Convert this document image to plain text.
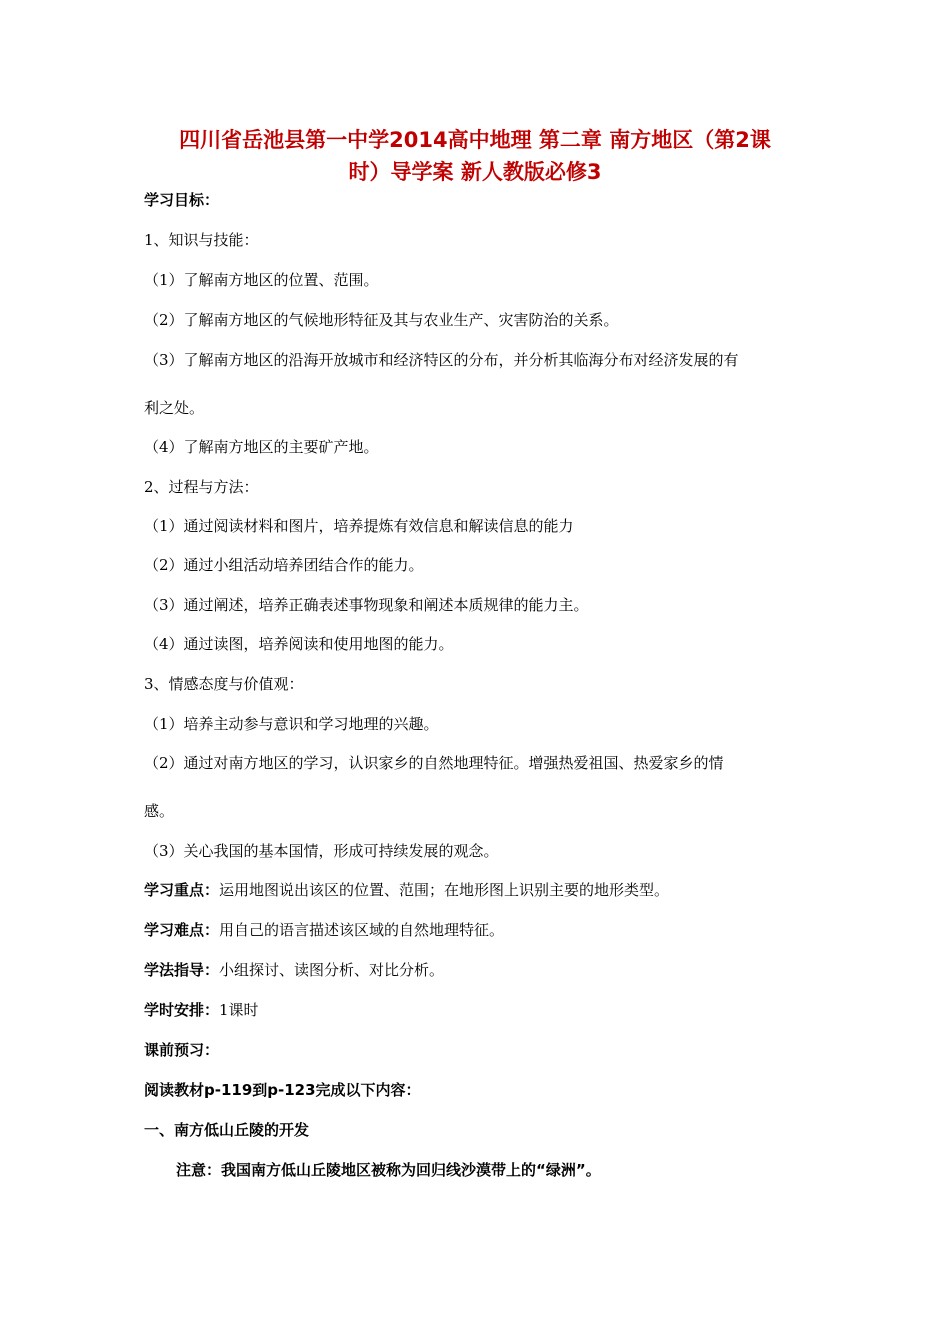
四川省岳池县第一中学2014高中地理 第二章 南方地区（第2课
时）导学案 新人教版必修3
学习目标：
1、知识与技能：
（1）了解南方地区的位置、范围。
（2）了解南方地区的气候地形特征及其与农业生产、灾害防治的关系。
（3）了解南方地区的沿海开放城市和经济特区的分布，并分析其临海分布对经济发展的有
利之处。
（4）了解南方地区的主要矿产地。
2、过程与方法：
（1）通过阅读材料和图片，培养提炼有效信息和解读信息的能力
（2）通过小组活动培养团结合作的能力。
（3）通过阐述，培养正确表述事物现象和阐述本质规律的能力主。
（4）通过读图，培养阅读和使用地图的能力。
3、情感态度与价值观：
（1）培养主动参与意识和学习地理的兴趣。
（2）通过对南方地区的学习，认识家乡的自然地理特征。增强热爱祖国、热爱家乡的情
感。
（3）关心我国的基本国情，形成可持续发展的观念。
学习重点：运用地图说出该区的位置、范围；在地形图上识别主要的地形类型。
学习难点：用自己的语言描述该区域的自然地理特征。
学法指导：小组探讨、读图分析、对比分析。
学时安排：1课时
课前预习：
阅读教材p-119到p-123完成以下内容：
一、南方低山丘陵的开发
注意：我国南方低山丘陵地区被称为回归线沙漠带上的“绿洲”。
